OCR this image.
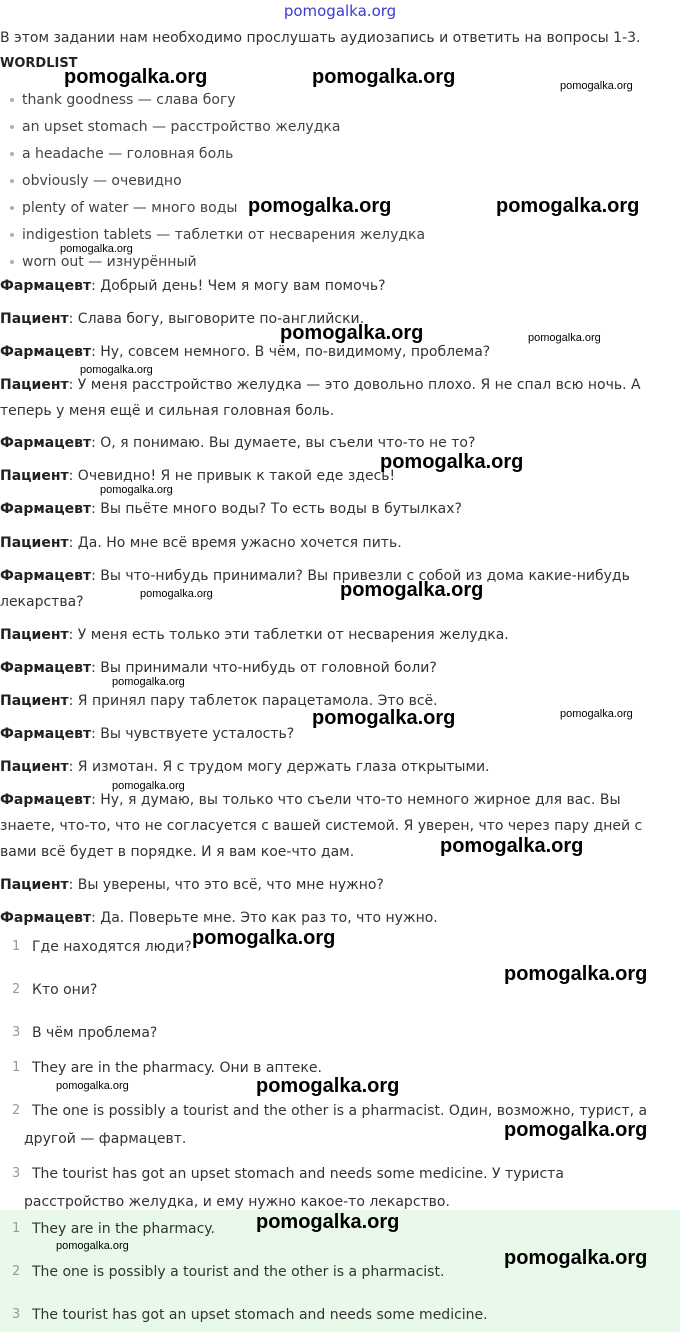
pomogalka.org
В этом задании нам необходимо прослушать аудиозапись и ответить на вопросы 1-3.
WORDLIST
thank goodness — слава богу
an upset stomach — расстройство желудка
a headache — головная боль
obviously — очевидно
plenty of water — много воды
indigestion tablets — таблетки от несварения желудка
worn out — изнурённый
Фармацевт: Добрый день! Чем я могу вам помочь?
Пациент: Слава богу, выговорите по-английски.
Фармацевт: Ну, совсем немного. В чём, по-видимому, проблема?
Пациент: У меня расстройство желудка — это довольно плохо. Я не спал всю ночь. А теперь у меня ещё и сильная головная боль.
Фармацевт: О, я понимаю. Вы думаете, вы съели что-то не то?
Пациент: Очевидно! Я не привык к такой еде здесь!
Фармацевт: Вы пьёте много воды? То есть воды в бутылках?
Пациент: Да. Но мне всё время ужасно хочется пить.
Фармацевт: Вы что-нибудь принимали? Вы привезли с собой из дома какие-нибудь лекарства?
Пациент: У меня есть только эти таблетки от несварения желудка.
Фармацевт: Вы принимали что-нибудь от головной боли?
Пациент: Я принял пару таблеток парацетамола. Это всё.
Фармацевт: Вы чувствуете усталость?
Пациент: Я измотан. Я с трудом могу держать глаза открытыми.
Фармацевт: Ну, я думаю, вы только что съели что-то немного жирное для вас. Вы знаете, что-то, что не согласуется с вашей системой. Я уверен, что через пару дней с вами всё будет в порядке. И я вам кое-что дам.
Пациент: Вы уверены, что это всё, что мне нужно?
Фармацевт: Да. Поверьте мне. Это как раз то, что нужно.
1 Где находятся люди?
2 Кто они?
3 В чём проблема?
1 They are in the pharmacy. Они в аптеке.
2 The one is possibly a tourist and the other is a pharmacist. Один, возможно, турист, а другой — фармацевт.
3 The tourist has got an upset stomach and needs some medicine. У туриста расстройство желудка, и ему нужно какое-то лекарство.
1 They are in the pharmacy.
2 The one is possibly a tourist and the other is a pharmacist.
3 The tourist has got an upset stomach and needs some medicine.
pomogalka.org	pomogalka.org	pomogalka.org
pomogalka.org	pomogalka.org
pomogalka.org
pomogalka.org	pomogalka.org
pomogalka.org
pomogalka.org
pomogalka.org
pomogalka.org
pomogalka.org
pomogalka.org
pomogalka.org	pomogalka.org
pomogalka.org
pomogalka.org
pomogalka.org
pomogalka.org
pomogalka.org	pomogalka.org
pomogalka.org
pomogalka.org
pomogalka.org
pomogalka.org
